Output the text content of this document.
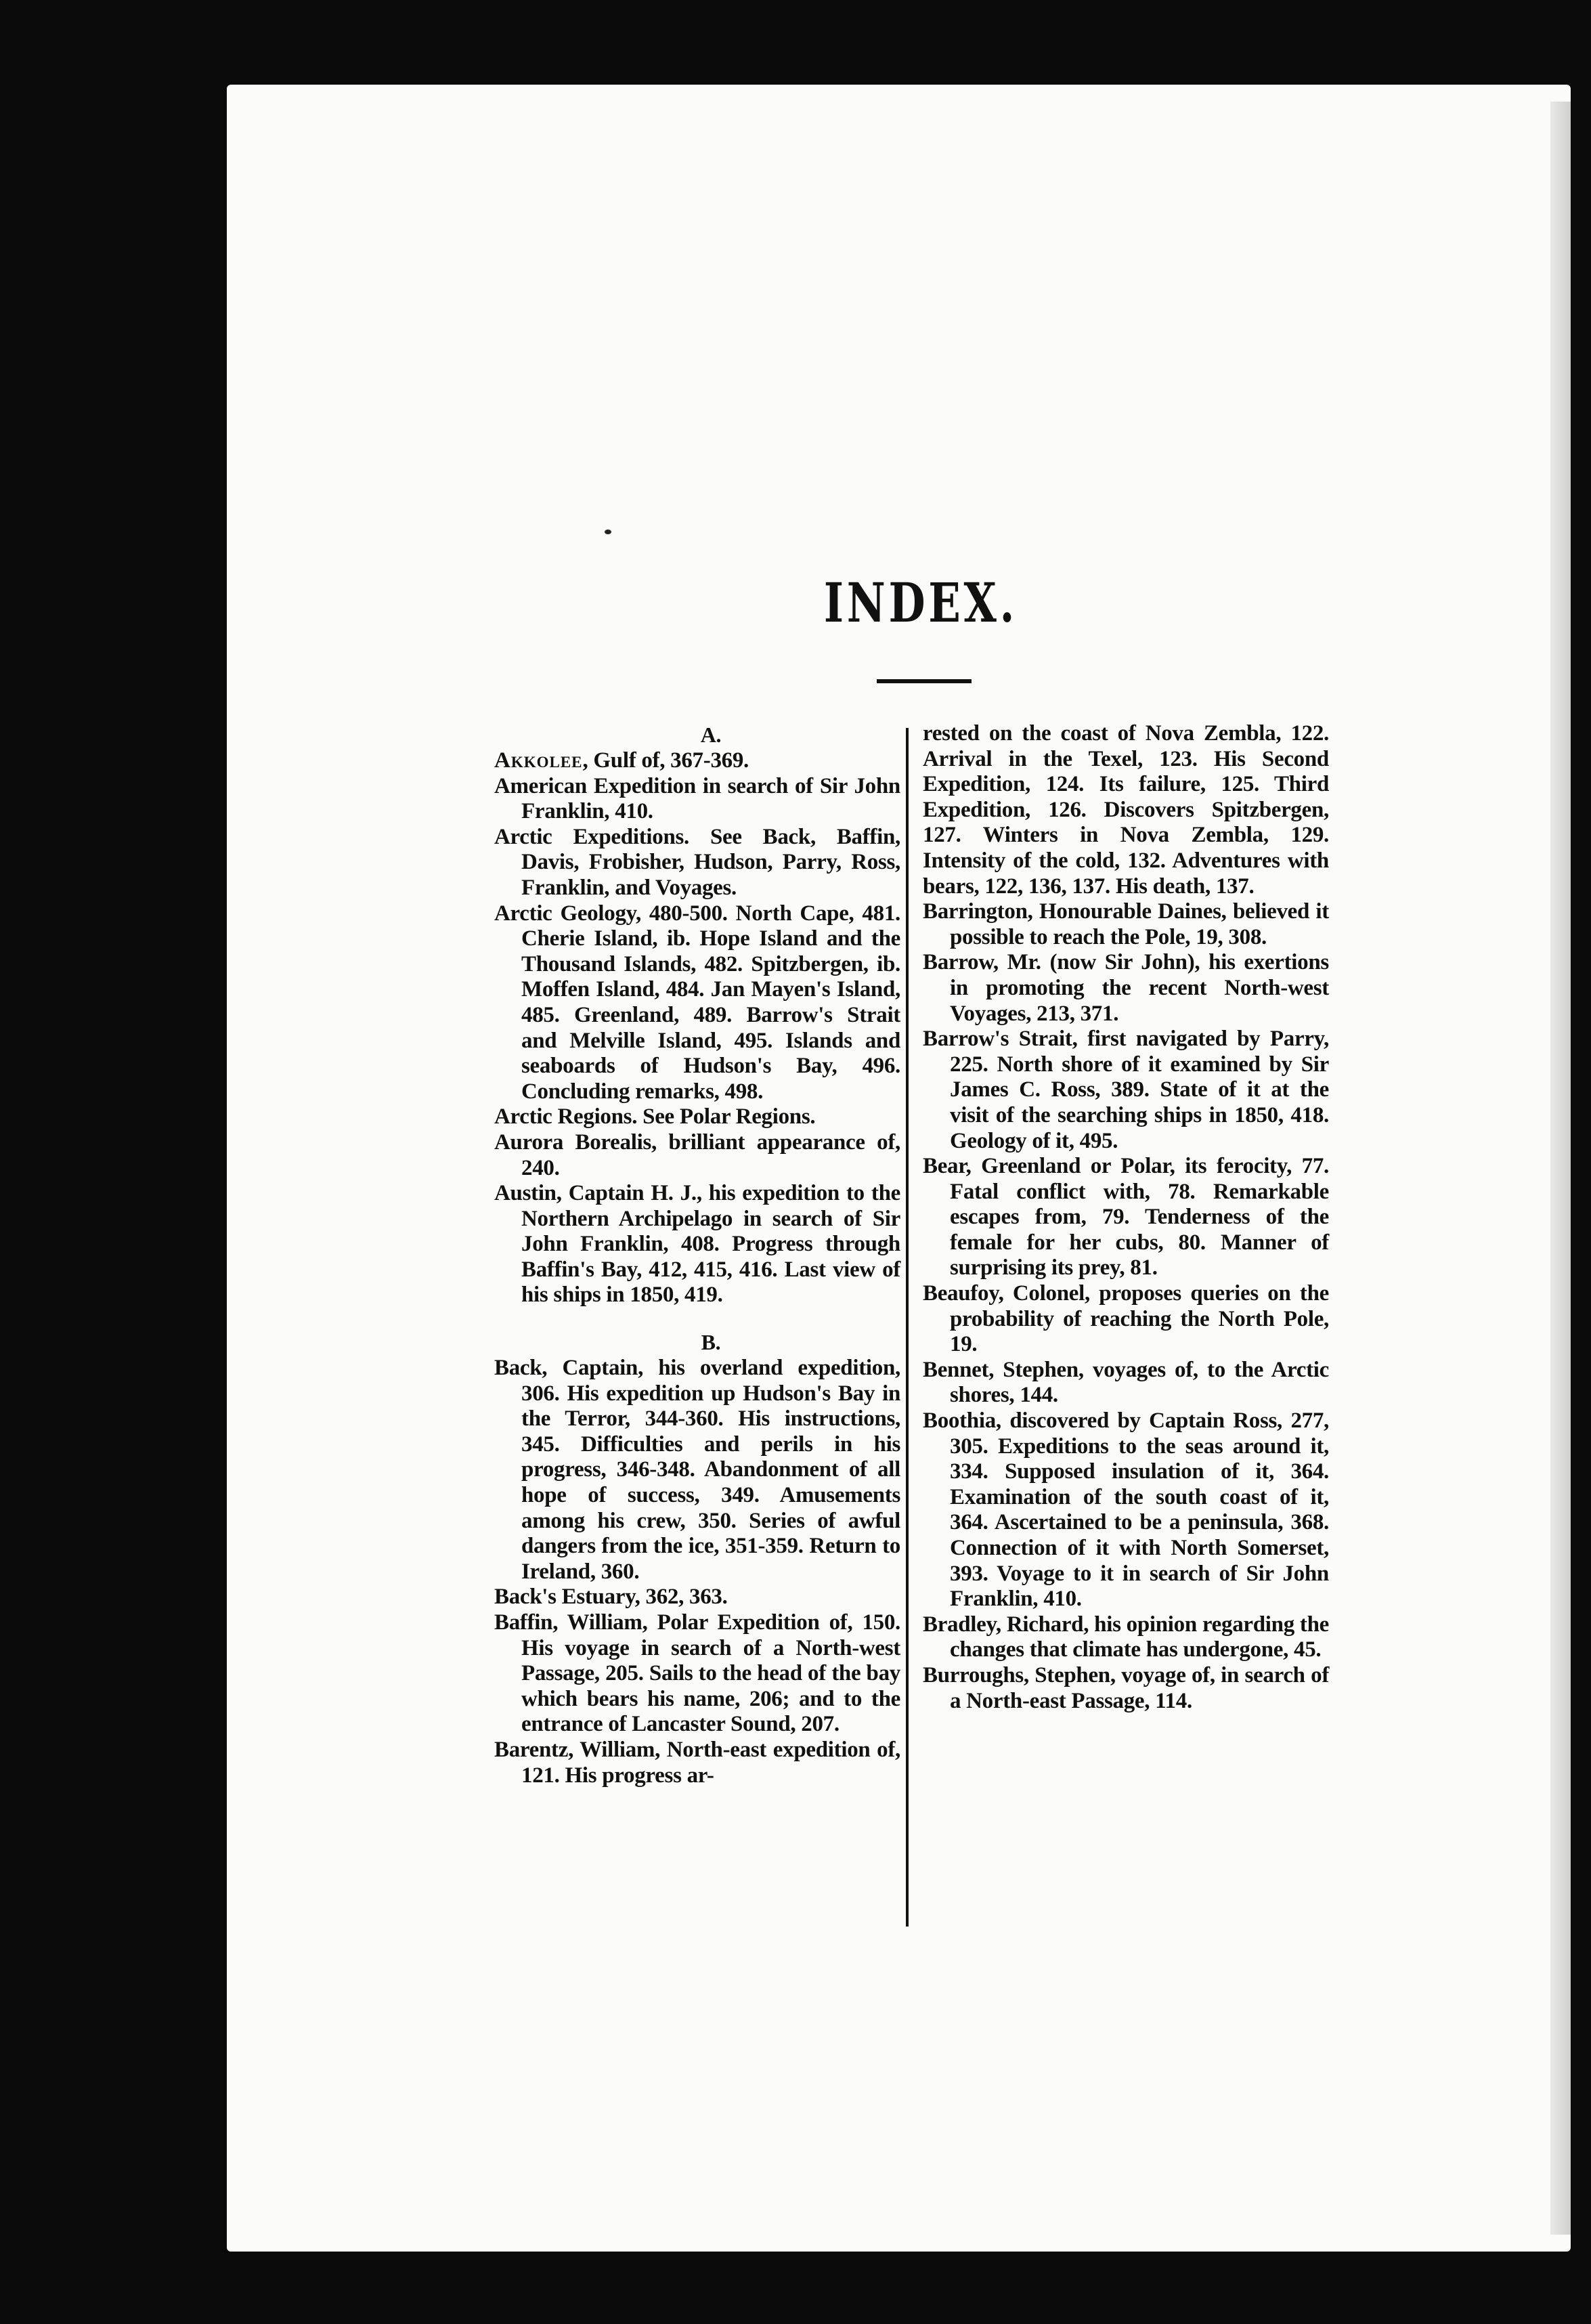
INDEX.
A.
Akkolee, Gulf of, 367-369.
American Expedition in search of Sir John Franklin, 410.
Arctic Expeditions. See Back, Baffin, Davis, Frobisher, Hudson, Parry, Ross, Franklin, and Voyages.
Arctic Geology, 480-500. North Cape, 481. Cherie Island, ib. Hope Island and the Thousand Islands, 482. Spitzbergen, ib. Moffen Island, 484. Jan Mayen's Island, 485. Greenland, 489. Barrow's Strait and Melville Island, 495. Islands and seaboards of Hudson's Bay, 496. Concluding remarks, 498.
Arctic Regions. See Polar Regions.
Aurora Borealis, brilliant appearance of, 240.
Austin, Captain H. J., his expedition to the Northern Archipelago in search of Sir John Franklin, 408. Progress through Baffin's Bay, 412, 415, 416. Last view of his ships in 1850, 419.
B.
Back, Captain, his overland expedition, 306. His expedition up Hudson's Bay in the Terror, 344-360. His instructions, 345. Difficulties and perils in his progress, 346-348. Abandonment of all hope of success, 349. Amusements among his crew, 350. Series of awful dangers from the ice, 351-359. Return to Ireland, 360.
Back's Estuary, 362, 363.
Baffin, William, Polar Expedition of, 150. His voyage in search of a North-west Passage, 205. Sails to the head of the bay which bears his name, 206; and to the entrance of Lancaster Sound, 207.
Barentz, William, North-east expedition of, 121. His progress ar-
rested on the coast of Nova Zembla, 122. Arrival in the Texel, 123. His Second Expedition, 124. Its failure, 125. Third Expedition, 126. Discovers Spitzbergen, 127. Winters in Nova Zembla, 129. Intensity of the cold, 132. Adventures with bears, 122, 136, 137. His death, 137.
Barrington, Honourable Daines, believed it possible to reach the Pole, 19, 308.
Barrow, Mr. (now Sir John), his exertions in promoting the recent North-west Voyages, 213, 371.
Barrow's Strait, first navigated by Parry, 225. North shore of it examined by Sir James C. Ross, 389. State of it at the visit of the searching ships in 1850, 418. Geology of it, 495.
Bear, Greenland or Polar, its ferocity, 77. Fatal conflict with, 78. Remarkable escapes from, 79. Tenderness of the female for her cubs, 80. Manner of surprising its prey, 81.
Beaufoy, Colonel, proposes queries on the probability of reaching the North Pole, 19.
Bennet, Stephen, voyages of, to the Arctic shores, 144.
Boothia, discovered by Captain Ross, 277, 305. Expeditions to the seas around it, 334. Supposed insulation of it, 364. Examination of the south coast of it, 364. Ascertained to be a peninsula, 368. Connection of it with North Somerset, 393. Voyage to it in search of Sir John Franklin, 410.
Bradley, Richard, his opinion regarding the changes that climate has undergone, 45.
Burroughs, Stephen, voyage of, in search of a North-east Passage, 114.
